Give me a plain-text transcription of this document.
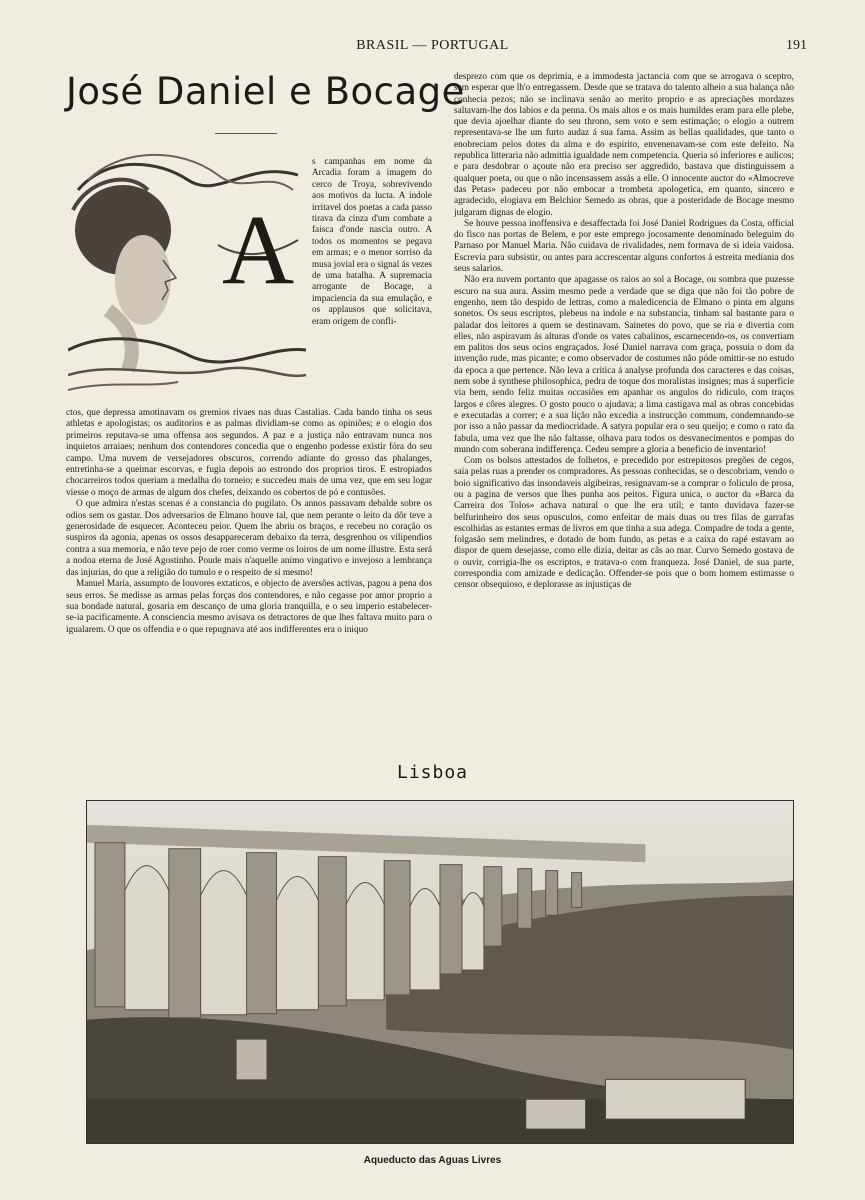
BRASIL — PORTUGAL	191
José Daniel e Bocage
A

s campanhas em nome da Arcadia foram a imagem do cerco de Troya, sobrevivendo aos motivos da lucta. A indole irritavel dos poetas a cada passo tirava da cinza d'um combate a faisca d'onde nascia outro. A todos os momentos se pegava em armas; e o menor sorriso da musa jovial era o signal ás vezes de uma batalha. A supremacia arrogante de Bocage, a impaciencia da sua emulação, e os applausos que solicitava, eram origem de confli-

ctos, que depressa amotinavam os gremios rivaes nas duas Castalias. Cada bando tinha os seus athletas e apologistas; os auditorios e as palmas dividiam-se como as opiniões; e o elogio dos primeiros reputava-se uma offensa aos segundos. A paz e a justiça não entravam nunca nos inquietos arraiaes; nenhum dos contendores concedia que o engenho podesse existir fóra do seu campo. Uma nuvem de versejadores obscuros, correndo adiante do grosso das phalanges, entretinha-se a queimar escorvas, e fugia depois ao estrondo dos proprios tiros. E estropiados chocarreiros todos queriam a medalha do torneio; e succedeu mais de uma vez, que em seu logar viesse o moço de armas de algum dos chefes, deixando os cobertos de pó e contusões.

O que admira n'estas scenas é a constancia do pugilato. Os annos passavam debalde sobre os odios sem os gastar. Dos adversarios de Elmano houve tal, que nem perante o leito da dôr teve a generosidade de esquecer. Aconteceu peior. Quem lhe abriu os braços, e recebeu no coração os suspiros da agonia, apenas os ossos desappareceram debaixo da terra, desgrenhou os vilipendios contra a sua memoria, e não teve pejo de roer como verme os loiros de um nome illustre. Esta será a nodoa eterna de José Agostinho. Poude mais n'aquelle animo vingativo e invejoso a lembrança das injurias, do que a religião do tumulo e o respeito de si mesmo!

Manuel Maria, assumpto de louvores extaticos, e objecto de aversões activas, pagou a pena dos seus erros. Se medisse as armas pelas forças dos contendores, e não cegasse por amor proprio a sua bondade natural, gosaria em descanço de uma gloria tranquilla, e o seu imperio estabelecer-se-ia pacificamente. A consciencia mesmo avisava os detractores de que lhes faltava muito para o igualarem. O que os offendia e o que repugnava até aos indifferentes era o iniquo

desprezo com que os deprimia, e a immodesta jactancia com que se arrogava o sceptro, sem esperar que lh'o entregassem. Desde que se tratava do talento alheio a sua balança não conhecia pezos; não se inclinava senão ao merito proprio e as apreciações mordazes saltavam-lhe dos labios e da penna. Os mais altos e os mais humildes eram para elle plebe, que devia ajoelhar diante do seu throno, sem voto e sem estimação; o elogio a outrem representava-se lhe um furto audaz á sua fama. Assim as bellas qualidades, que tanto o enobreciam pelos dotes da alma e do espirito, envenenavam-se com este defeito. Na republica litteraria não admittia igualdade nem competencia. Queria só inferiores e aulicos; e para desdobrar o açoute não era preciso ser aggredido, bastava que distinguissem a qualquer poeta, ou que o não incensassem assás a elle. O innocente auctor do «Almocreve das Petas» padeceu por não embocar a trombeta apologetica, em quanto, sincero e agradecido, elogiava em Belchior Semedo as obras, que a posteridade de Bocage mesmo julgaram dignas de elogio.

Se houve pessoa inoffensiva e desaffectada foi José Daniel Rodrigues da Costa, official do fisco nas portas de Belem, e por este emprego jocosamente denominado beleguim do Parnaso por Manuel Maria. Não cuidava de rivalidades, nem formava de si ideia vaidosa. Escrevia para subsistir, ou antes para accrescentar alguns confortos á estreita mediania dos seus salarios.

Não era nuvem portanto que apagasse os raios ao sol a Bocage, ou sombra que puzesse escuro na sua aura. Assim mesmo pede a verdade que se diga que não foi tão pobre de engenho, nem tão despido de lettras, como a maledicencia de Elmano o pinta em alguns sonetos. Os seus escriptos, plebeus na indole e na substancia, tinham sal bastante para o paladar dos leitores a quem se destinavam. Sainetes do povo, que se ria e divertia com elles, não aspiravam ás alturas d'onde os vates cabalinos, escarnecendo-os, os convertiam em palitos dos seus ocios engraçados. José Daniel narrava com graça, possuia o dom da invenção rude, mas picante; e como observador de costumes não póde omittir-se no estudo da epoca a que pertence. Não leva a critica á analyse profunda dos caracteres e das coisas, nem sobe á synthese philosophica, pedra de toque dos moralistas insignes; mas á superficie via bem, sendo feliz muitas occasiões em apanhar os angulos do ridiculo, com traços largos e côres alegres. O gosto pouco o ajudava; a lima castigava mal as obras concebidas e executadas a correr; e a sua lição não excedia a instrucção commum, condemnando-se por isso a não passar da mediocridade. A satyra popular era o seu queijo; e como o rato da fabula, uma vez que lhe não faltasse, olhava para todos os desvanecimentos e pompas do mundo com soberana indifferença. Cedeu sempre a gloria a beneficio de inventario!

Com os bolsos attestados de folhetos, e precedido por estrepitosos pregões de cegos, saía pelas ruas a prender os compradores. As pessoas conhecidas, se o descobriam, vendo o boio significativo das insondaveis algibeiras, resignavam-se a comprar o foliculo de prosa, ou a pagina de versos que lhes punha aos peitos. Figura unica, o auctor da «Barca da Carreira dos Tolos» achava natural o que lhe era util; e tanto duvidava fazer-se belfurinheiro dos seus opusculos, como enfeitar de mais duas ou tres filas de garrafas escolhidas as estantes ermas de livros em que tinha a sua adega. Compadre de toda a gente, folgasão sem melindres, e dotado de bom fundo, as petas e a caixa do rapé estavam ao dispor de quem desejasse, como elle dizia, deitar as cãs ao mar. Curvo Semedo gostava de o ouvir, corrigia-lhe os escriptos, e tratava-o com franqueza. José Daniel, de sua parte, correspondia com amizade e dedicação. Offender-se pois que o bom homem estimasse o censor obsequioso, e deplorasse as injustiças de

Lisboa
Aqueducto das Aguas Livres
